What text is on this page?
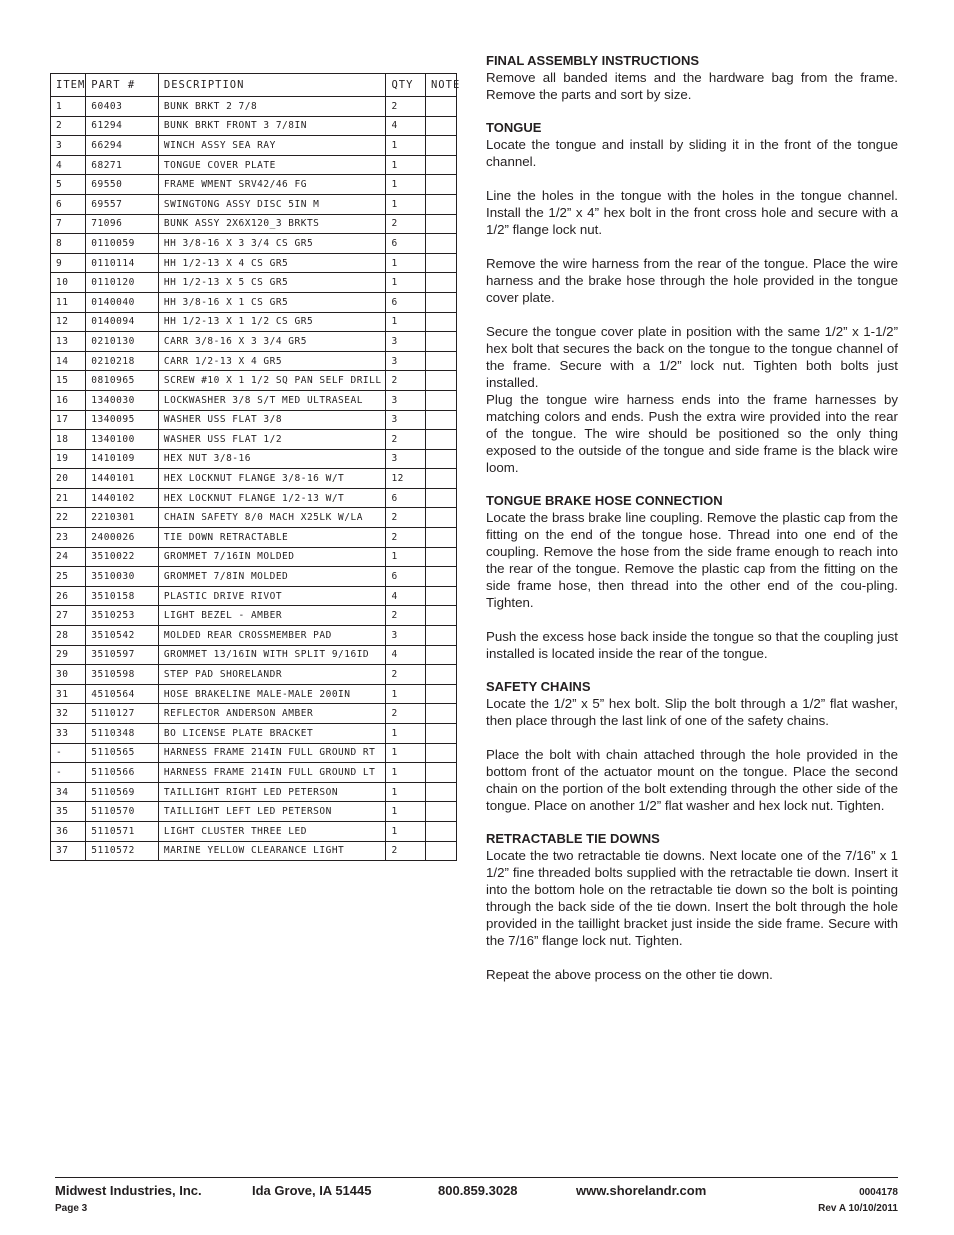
ITEM	PART #	DESCRIPTION	QTY	NOTE
1	60403	BUNK BRKT 2 7/8	2	
2	61294	BUNK BRKT FRONT 3 7/8IN	4	
3	66294	WINCH ASSY SEA RAY	1	
4	68271	TONGUE COVER PLATE	1	
5	69550	FRAME WMENT SRV42/46 FG	1	
6	69557	SWINGTONG ASSY DISC 5IN M	1	
7	71096	BUNK ASSY 2X6X120_3 BRKTS	2	
8	0110059	HH 3/8-16 X 3 3/4 CS GR5	6	
9	0110114	HH 1/2-13 X 4 CS GR5	1	
10	0110120	HH 1/2-13 X 5 CS GR5	1	
11	0140040	HH 3/8-16 X 1 CS GR5	6	
12	0140094	HH 1/2-13 X 1 1/2 CS GR5	1	
13	0210130	CARR 3/8-16 X 3 3/4 GR5	3	
14	0210218	CARR 1/2-13 X 4 GR5	3	
15	0810965	SCREW #10 X 1 1/2 SQ PAN SELF DRILL	2	
16	1340030	LOCKWASHER 3/8 S/T MED ULTRASEAL	3	
17	1340095	WASHER USS FLAT 3/8	3	
18	1340100	WASHER USS FLAT 1/2	2	
19	1410109	HEX NUT 3/8-16	3	
20	1440101	HEX LOCKNUT FLANGE 3/8-16 W/T	12	
21	1440102	HEX LOCKNUT FLANGE 1/2-13 W/T	6	
22	2210301	CHAIN SAFETY 8/0 MACH X25LK W/LA	2	
23	2400026	TIE DOWN RETRACTABLE	2	
24	3510022	GROMMET 7/16IN MOLDED	1	
25	3510030	GROMMET 7/8IN MOLDED	6	
26	3510158	PLASTIC DRIVE RIVOT	4	
27	3510253	LIGHT BEZEL - AMBER	2	
28	3510542	MOLDED REAR CROSSMEMBER PAD	3	
29	3510597	GROMMET 13/16IN WITH SPLIT 9/16ID	4	
30	3510598	STEP PAD SHORELANDR	2	
31	4510564	HOSE BRAKELINE MALE-MALE 200IN	1	
32	5110127	REFLECTOR ANDERSON AMBER	2	
33	5110348	BO LICENSE PLATE BRACKET	1	
-	5110565	HARNESS FRAME 214IN FULL GROUND RT	1	
-	5110566	HARNESS FRAME 214IN FULL GROUND LT	1	
34	5110569	TAILLIGHT RIGHT LED PETERSON	1	
35	5110570	TAILLIGHT LEFT LED PETERSON	1	
36	5110571	LIGHT CLUSTER THREE LED	1	
37	5110572	MARINE YELLOW CLEARANCE LIGHT	2	
FINAL ASSEMBLY INSTRUCTIONS

Remove all banded items and the hardware bag from the frame. Remove the parts and sort by size.

TONGUE

Locate the tongue and install by sliding it in the front of the tongue channel.

Line the holes in the tongue with the holes in the tongue channel. Install the 1/2” x 4” hex bolt in the front cross hole and secure with a 1/2” flange lock nut.

Remove the wire harness from the rear of the tongue. Place the wire harness and the brake hose through the hole provided in the tongue cover plate.

Secure the tongue cover plate in position with the same 1/2” x 1-1/2” hex bolt that secures the back on the tongue to the tongue channel of the frame. Secure with a 1/2” lock nut. Tighten both bolts just installed.

Plug the tongue wire harness ends into the frame harnesses by matching colors and ends. Push the extra wire provided into the rear of the tongue. The wire should be positioned so the only thing exposed to the outside of the tongue and side frame is the black wire loom.

TONGUE BRAKE HOSE CONNECTION

Locate the brass brake line coupling. Remove the plastic cap from the fitting on the end of the tongue hose. Thread into one end of the coupling. Remove the hose from the side frame enough to reach into the rear of the tongue. Remove the plastic cap from the fitting on the side frame hose, then thread into the other end of the cou-pling. Tighten.

Push the excess hose back inside the tongue so that the coupling just installed is located inside the rear of the tongue.

SAFETY CHAINS

Locate the 1/2” x 5” hex bolt. Slip the bolt through a 1/2” flat washer, then place through the last link of one of the safety chains.

Place the bolt with chain attached through the hole provided in the bottom front of the actuator mount on the tongue. Place the second chain on the portion of the bolt extending through the other side of the tongue. Place on another 1/2” flat washer and hex lock nut. Tighten.

RETRACTABLE TIE DOWNS

Locate the two retractable tie downs. Next locate one of the 7/16” x 1 1/2” fine threaded bolts supplied with the retractable tie down. Insert it into the bottom hole on the retractable tie down so the bolt is pointing through the back side of the tie down. Insert the bolt through the hole provided in the taillight bracket just inside the side frame. Secure with the 7/16” flange lock nut. Tighten.

Repeat the above process on the other tie down.

Midwest Industries, Inc.	Ida Grove, IA 51445	800.859.3028	www.shorelandr.com	0004178
Page 3	Rev A 10/10/2011
